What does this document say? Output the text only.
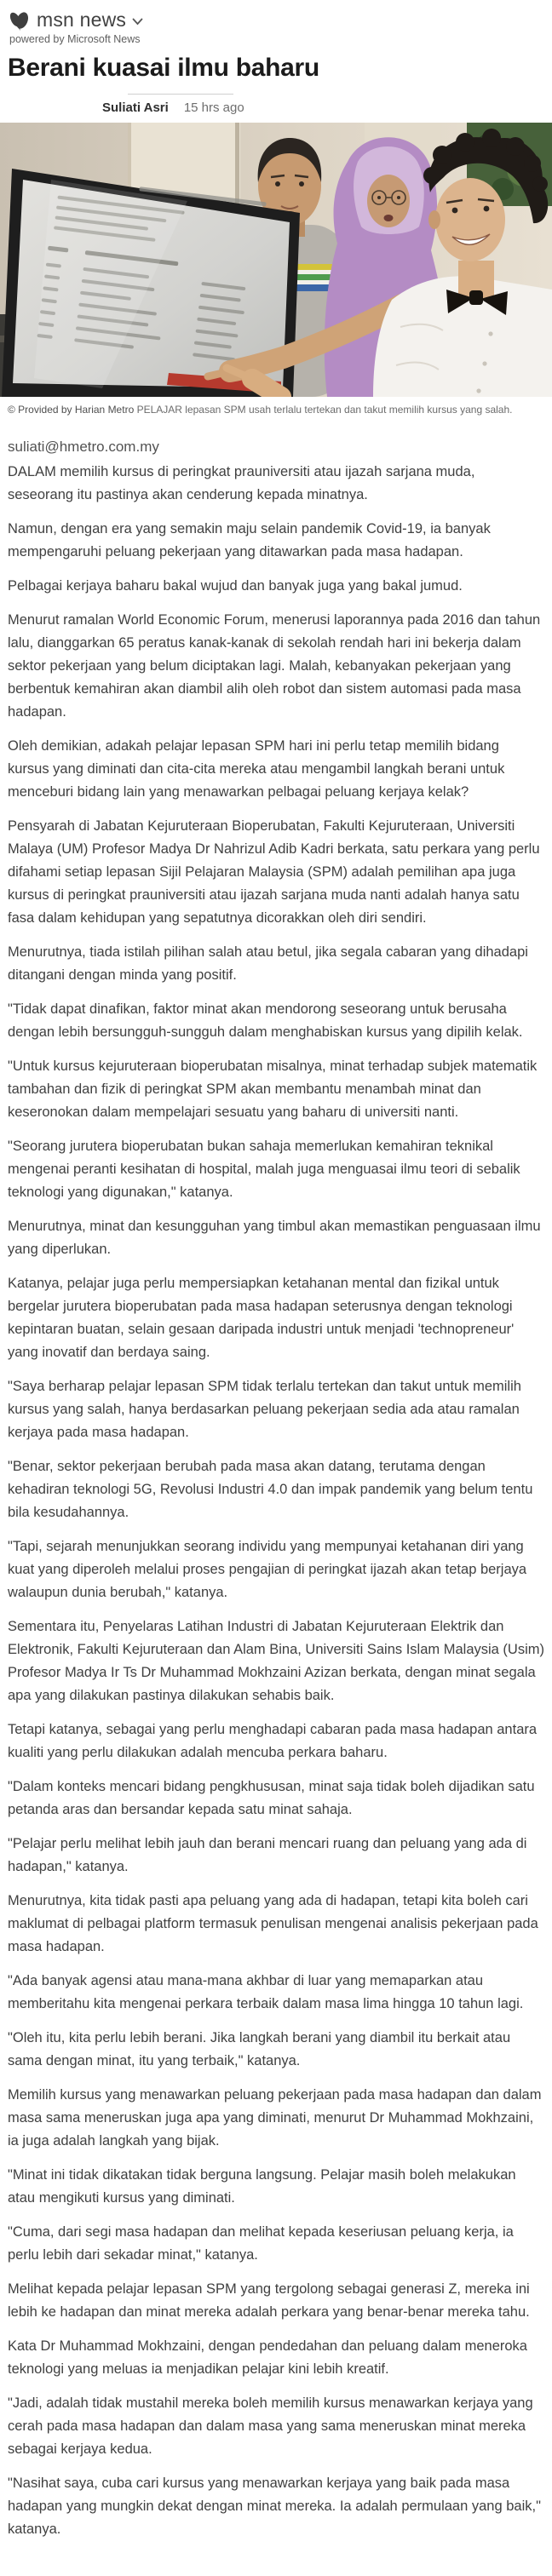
msn news
powered by Microsoft News
Berani kuasai ilmu baharu
Suliati Asri 15 hrs ago
© Provided by Harian Metro PELAJAR lepasan SPM usah terlalu tertekan dan takut memilih kursus yang salah.
suliati@hmetro.com.my

DALAM memilih kursus di peringkat prauniversiti atau ijazah sarjana muda, seseorang itu pastinya akan cenderung kepada minatnya.

Namun, dengan era yang semakin maju selain pandemik Covid-19, ia banyak mempengaruhi peluang pekerjaan yang ditawarkan pada masa hadapan.

Pelbagai kerjaya baharu bakal wujud dan banyak juga yang bakal jumud.

Menurut ramalan World Economic Forum, menerusi laporannya pada 2016 dan tahun lalu, dianggarkan 65 peratus kanak-kanak di sekolah rendah hari ini bekerja dalam sektor pekerjaan yang belum diciptakan lagi. Malah, kebanyakan pekerjaan yang berbentuk kemahiran akan diambil alih oleh robot dan sistem automasi pada masa hadapan.

Oleh demikian, adakah pelajar lepasan SPM hari ini perlu tetap memilih bidang kursus yang diminati dan cita-cita mereka atau mengambil langkah berani untuk menceburi bidang lain yang menawarkan pelbagai peluang kerjaya kelak?

Pensyarah di Jabatan Kejuruteraan Bioperubatan, Fakulti Kejuruteraan, Universiti Malaya (UM) Profesor Madya Dr Nahrizul Adib Kadri berkata, satu perkara yang perlu difahami setiap lepasan Sijil Pelajaran Malaysia (SPM) adalah pemilihan apa juga kursus di peringkat prauniversiti atau ijazah sarjana muda nanti adalah hanya satu fasa dalam kehidupan yang sepatutnya dicorakkan oleh diri sendiri.

Menurutnya, tiada istilah pilihan salah atau betul, jika segala cabaran yang dihadapi ditangani dengan minda yang positif.

"Tidak dapat dinafikan, faktor minat akan mendorong seseorang untuk berusaha dengan lebih bersungguh-sungguh dalam menghabiskan kursus yang dipilih kelak.

"Untuk kursus kejuruteraan bioperubatan misalnya, minat terhadap subjek matematik tambahan dan fizik di peringkat SPM akan membantu menambah minat dan keseronokan dalam mempelajari sesuatu yang baharu di universiti nanti.

"Seorang jurutera bioperubatan bukan sahaja memerlukan kemahiran teknikal mengenai peranti kesihatan di hospital, malah juga menguasai ilmu teori di sebalik teknologi yang digunakan," katanya.

Menurutnya, minat dan kesungguhan yang timbul akan memastikan penguasaan ilmu yang diperlukan.

Katanya, pelajar juga perlu mempersiapkan ketahanan mental dan fizikal untuk bergelar jurutera bioperubatan pada masa hadapan seterusnya dengan teknologi kepintaran buatan, selain gesaan daripada industri untuk menjadi 'technopreneur' yang inovatif dan berdaya saing.

"Saya berharap pelajar lepasan SPM tidak terlalu tertekan dan takut untuk memilih kursus yang salah, hanya berdasarkan peluang pekerjaan sedia ada atau ramalan kerjaya pada masa hadapan.

"Benar, sektor pekerjaan berubah pada masa akan datang, terutama dengan kehadiran teknologi 5G, Revolusi Industri 4.0 dan impak pandemik yang belum tentu bila kesudahannya.

"Tapi, sejarah menunjukkan seorang individu yang mempunyai ketahanan diri yang kuat yang diperoleh melalui proses pengajian di peringkat ijazah akan tetap berjaya walaupun dunia berubah," katanya.

Sementara itu, Penyelaras Latihan Industri di Jabatan Kejuruteraan Elektrik dan Elektronik, Fakulti Kejuruteraan dan Alam Bina, Universiti Sains Islam Malaysia (Usim) Profesor Madya Ir Ts Dr Muhammad Mokhzaini Azizan berkata, dengan minat segala apa yang dilakukan pastinya dilakukan sehabis baik.

Tetapi katanya, sebagai yang perlu menghadapi cabaran pada masa hadapan antara kualiti yang perlu dilakukan adalah mencuba perkara baharu.

"Dalam konteks mencari bidang pengkhususan, minat saja tidak boleh dijadikan satu petanda aras dan bersandar kepada satu minat sahaja.

"Pelajar perlu melihat lebih jauh dan berani mencari ruang dan peluang yang ada di hadapan," katanya.

Menurutnya, kita tidak pasti apa peluang yang ada di hadapan, tetapi kita boleh cari maklumat di pelbagai platform termasuk penulisan mengenai analisis pekerjaan pada masa hadapan.

"Ada banyak agensi atau mana-mana akhbar di luar yang memaparkan atau memberitahu kita mengenai perkara terbaik dalam masa lima hingga 10 tahun lagi.

"Oleh itu, kita perlu lebih berani. Jika langkah berani yang diambil itu berkait atau sama dengan minat, itu yang terbaik," katanya.

Memilih kursus yang menawarkan peluang pekerjaan pada masa hadapan dan dalam masa sama meneruskan juga apa yang diminati, menurut Dr Muhammad Mokhzaini, ia juga adalah langkah yang bijak.

"Minat ini tidak dikatakan tidak berguna langsung. Pelajar masih boleh melakukan atau mengikuti kursus yang diminati.

"Cuma, dari segi masa hadapan dan melihat kepada keseriusan peluang kerja, ia perlu lebih dari sekadar minat," katanya.

Melihat kepada pelajar lepasan SPM yang tergolong sebagai generasi Z, mereka ini lebih ke hadapan dan minat mereka adalah perkara yang benar-benar mereka tahu.

Kata Dr Muhammad Mokhzaini, dengan pendedahan dan peluang dalam meneroka teknologi yang meluas ia menjadikan pelajar kini lebih kreatif.

"Jadi, adalah tidak mustahil mereka boleh memilih kursus menawarkan kerjaya yang cerah pada masa hadapan dan dalam masa yang sama meneruskan minat mereka sebagai kerjaya kedua.

"Nasihat saya, cuba cari kursus yang menawarkan kerjaya yang baik pada masa hadapan yang mungkin dekat dengan minat mereka. Ia adalah permulaan yang baik," katanya.
